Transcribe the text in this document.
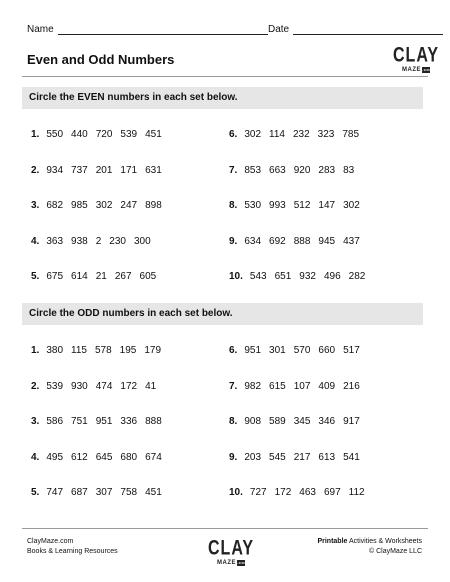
Name	Date
Even and Odd Numbers	CLAY
MAZE .com
Circle the EVEN numbers in each set below.
Circle the ODD numbers in each set below.
1. 550 440 720 539 451
2. 934 737 201 171 631
3. 682 985 302 247 898
4. 363 938 2 230 300
5. 675 614 21 267 605
6. 302 114 232 323 785
7. 853 663 920 283 83
8. 530 993 512 147 302
9. 634 692 888 945 437
10. 543 651 932 496 282
1. 380 115 578 195 179
2. 539 930 474 172 41
3. 586 751 951 336 888
4. 495 612 645 680 674
5. 747 687 307 758 451
6. 951 301 570 660 517
7. 982 615 107 409 216
8. 908 589 345 346 917
9. 203 545 217 613 541
10. 727 172 463 697 112
ClayMaze.com
Books & Learning Resources	CLAY
MAZE .com
Printable Activities & Worksheets
© ClayMaze LLC
